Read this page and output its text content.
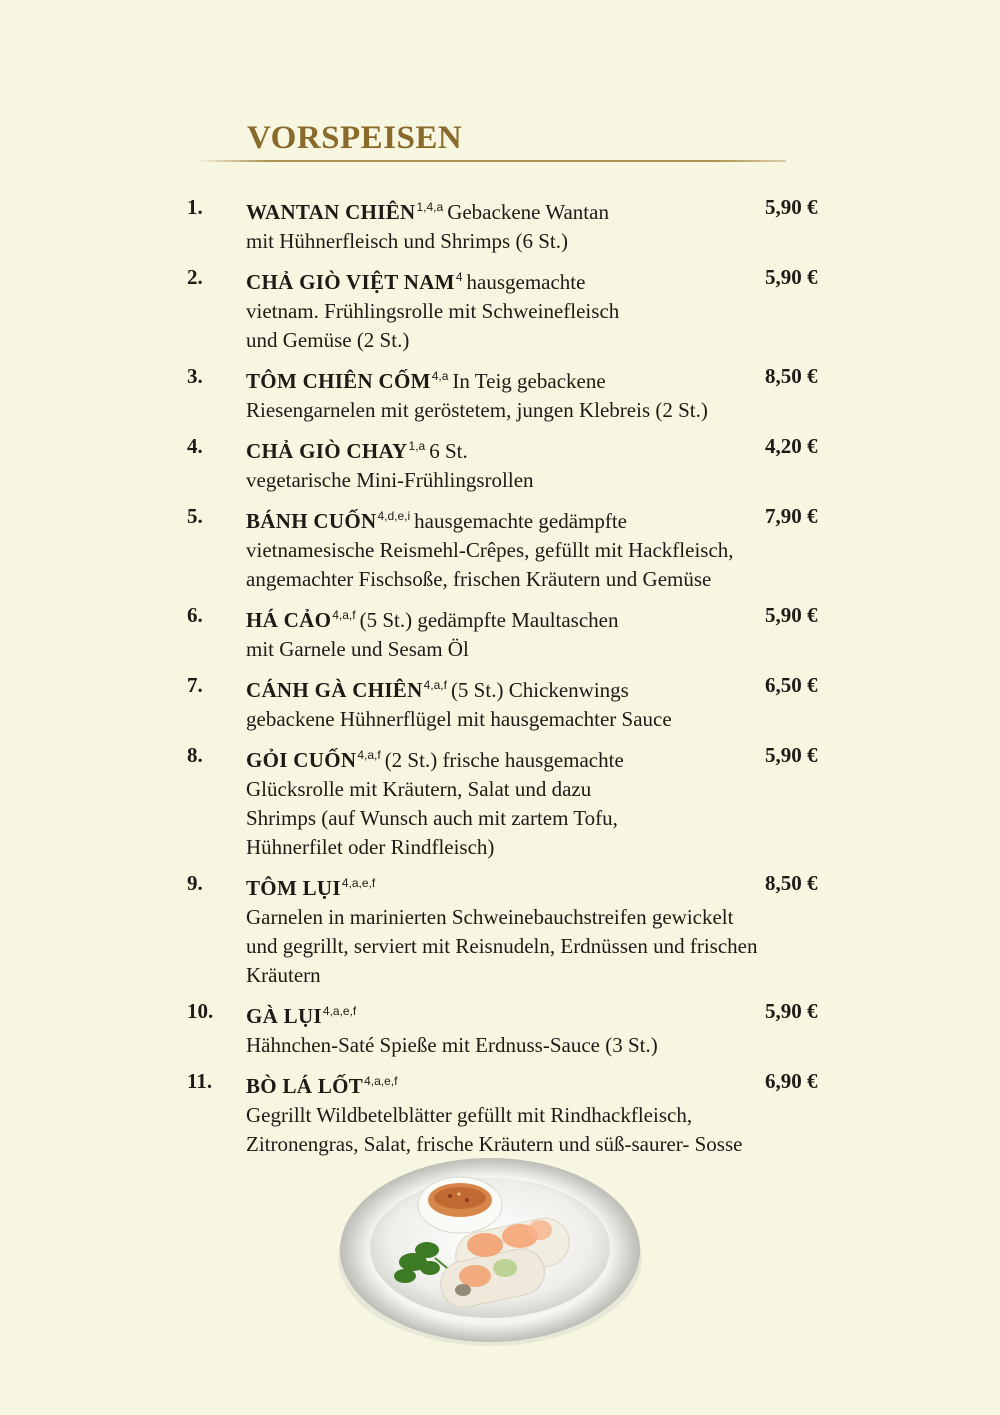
VORSPEISEN
1. WANTAN CHIÊN$^{1,4,a}$ Gebackene Wantan
mit Hühnerfleisch und Shrimps (6 St.)
5,90 €
2. CHẢ GIÒ VIỆT NAM$^4$ hausgemachte
vietnam. Frühlingsrolle mit Schweinefleisch
und Gemüse (2 St.)
5,90 €
3. TÔM CHIÊN CỐM$^{4,a}$ In Teig gebackene
Riesengarnelen mit geröstetem, jungen Klebreis (2 St.)
8,50 €
4. CHẢ GIÒ CHAY$^{1,a}$ 6 St.
vegetarische Mini-Frühlingsrollen
4,20 €
5. BÁNH CUỐN$^{4,d,e,i}$ hausgemachte gedämpfte
vietnamesische Reismehl-Crêpes, gefüllt mit Hackfleisch,
angemachter Fischsoße, frischen Kräutern und Gemüse
7,90 €
6. HÁ CẢO$^{4,a,f}$ (5 St.) gedämpfte Maultaschen
mit Garnele und Sesam Öl
5,90 €
7. CÁNH GÀ CHIÊN$^{4,a,f}$ (5 St.) Chickenwings
gebackene Hühnerflügel mit hausgemachter Sauce
6,50 €
8. GỎI CUỐN$^{4,a,f}$ (2 St.) frische hausgemachte
Glücksrolle mit Kräutern, Salat und dazu
Shrimps (auf Wunsch auch mit zartem Tofu,
Hühnerfilet oder Rindfleisch)
5,90 €
9. TÔM LỤI$^{4,a,e,f}$
Garnelen in marinierten Schweinebauchstreifen gewickelt
und gegrillt, serviert mit Reisnudeln, Erdnüssen und frischen
Kräutern
8,50 €
10. GÀ LỤI$^{4,a,e,f}$
Hähnchen-Saté Spieße mit Erdnuss-Sauce (3 St.)
5,90 €
11. BÒ LÁ LỐT$^{4,a,e,f}$
Gegrillt Wildbetelblätter gefüllt mit Rindhackfleisch,
Zitronengras, Salat, frische Kräutern und süß-saurer- Sosse
6,90 €
